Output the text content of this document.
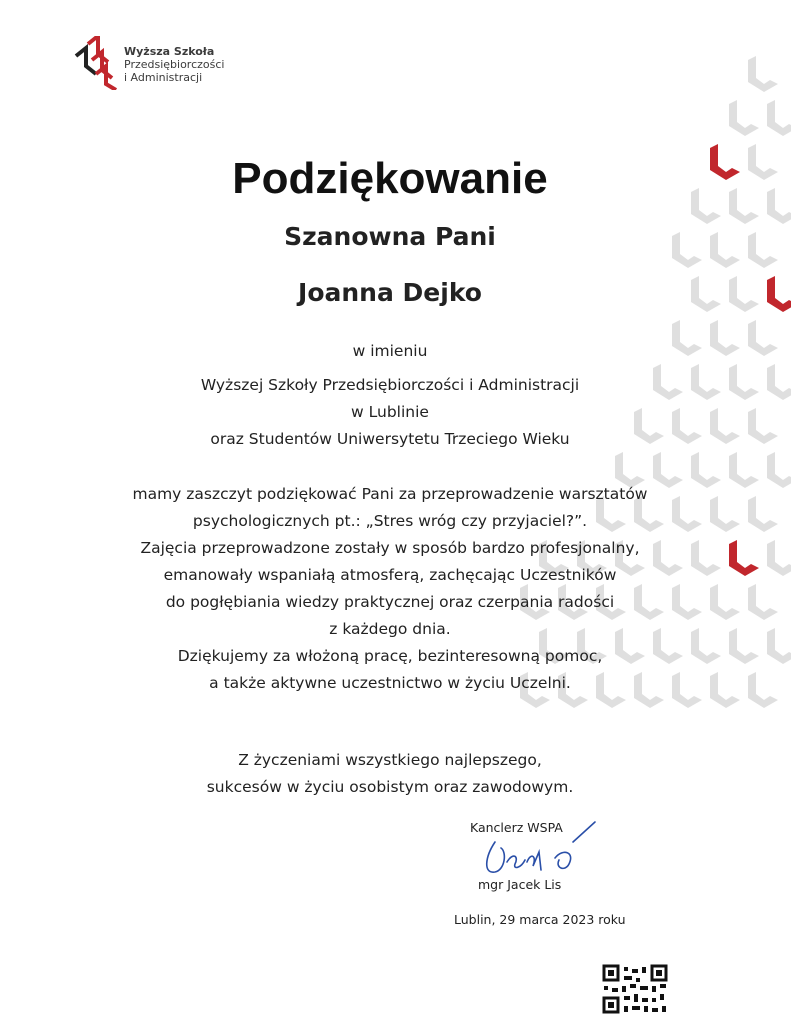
Wyższa Szkoła
Przedsiębiorczości
i Administracji
Podziękowanie
Szanowna Pani
Joanna Dejko
w imieniu
Wyższej Szkoły Przedsiębiorczości i Administracji
w Lublinie
oraz Studentów Uniwersytetu Trzeciego Wieku
mamy zaszczyt podziękować Pani za przeprowadzenie warsztatów
psychologicznych pt.: „Stres wróg czy przyjaciel?”.
Zajęcia przeprowadzone zostały w sposób bardzo profesjonalny,
emanowały wspaniałą atmosferą, zachęcając Uczestników
do pogłębiania wiedzy praktycznej oraz czerpania radości
z każdego dnia.
Dziękujemy za włożoną pracę, bezinteresowną pomoc,
a także aktywne uczestnictwo w życiu Uczelni.
Z życzeniami wszystkiego najlepszego,
sukcesów w życiu osobistym oraz zawodowym.
Kanclerz WSPA
mgr Jacek Lis
Lublin, 29 marca 2023 roku
